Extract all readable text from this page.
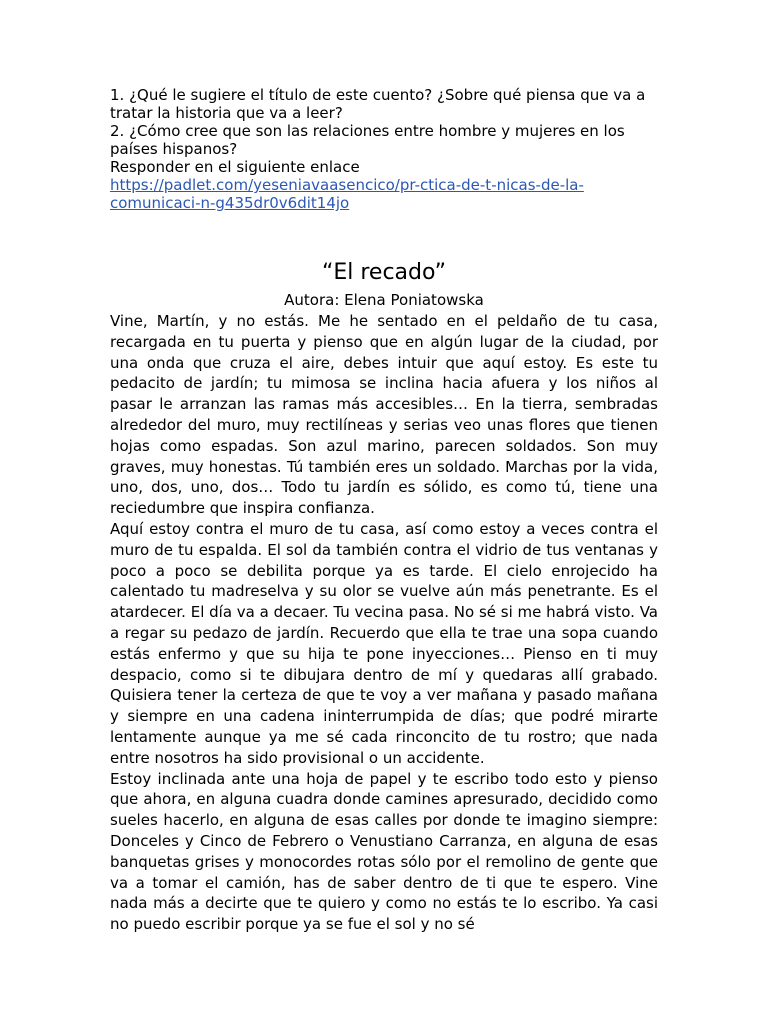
1. ¿Qué le sugiere el título de este cuento? ¿Sobre qué piensa que va a tratar la historia que va a leer?

2. ¿Cómo cree que son las relaciones entre hombre y mujeres en los países hispanos?

Responder en el siguiente enlace

https://padlet.com/yeseniavaasencico/pr-ctica-de-t-nicas-de-la-comunicaci-n-g435dr0v6dit14jo
“El recado”
Autora: Elena Poniatowska

Vine, Martín, y no estás. Me he sentado en el peldaño de tu casa, recargada en tu puerta y pienso que en algún lugar de la ciudad, por una onda que cruza el aire, debes intuir que aquí estoy. Es este tu pedacito de jardín; tu mimosa se inclina hacia afuera y los niños al pasar le arranzan las ramas más accesibles… En la tierra, sembradas alrededor del muro, muy rectilíneas y serias veo unas flores que tienen hojas como espadas. Son azul marino, parecen soldados. Son muy graves, muy honestas. Tú también eres un soldado. Marchas por la vida, uno, dos, uno, dos… Todo tu jardín es sólido, es como tú, tiene una reciedumbre que inspira confianza.

Aquí estoy contra el muro de tu casa, así como estoy a veces contra el muro de tu espalda. El sol da también contra el vidrio de tus ventanas y poco a poco se debilita porque ya es tarde. El cielo enrojecido ha calentado tu madreselva y su olor se vuelve aún más penetrante. Es el atardecer. El día va a decaer. Tu vecina pasa. No sé si me habrá visto. Va a regar su pedazo de jardín. Recuerdo que ella te trae una sopa cuando estás enfermo y que su hija te pone inyecciones… Pienso en ti muy despacio, como si te dibujara dentro de mí y quedaras allí grabado. Quisiera tener la certeza de que te voy a ver mañana y pasado mañana y siempre en una cadena ininterrumpida de días; que podré mirarte lentamente aunque ya me sé cada rinconcito de tu rostro; que nada entre nosotros ha sido provisional o un accidente.

Estoy inclinada ante una hoja de papel y te escribo todo esto y pienso que ahora, en alguna cuadra donde camines apresurado, decidido como sueles hacerlo, en alguna de esas calles por donde te imagino siempre: Donceles y Cinco de Febrero o Venustiano Carranza, en alguna de esas banquetas grises y monocordes rotas sólo por el remolino de gente que va a tomar el camión, has de saber dentro de ti que te espero. Vine nada más a decirte que te quiero y como no estás te lo escribo. Ya casi no puedo escribir porque ya se fue el sol y no sé
